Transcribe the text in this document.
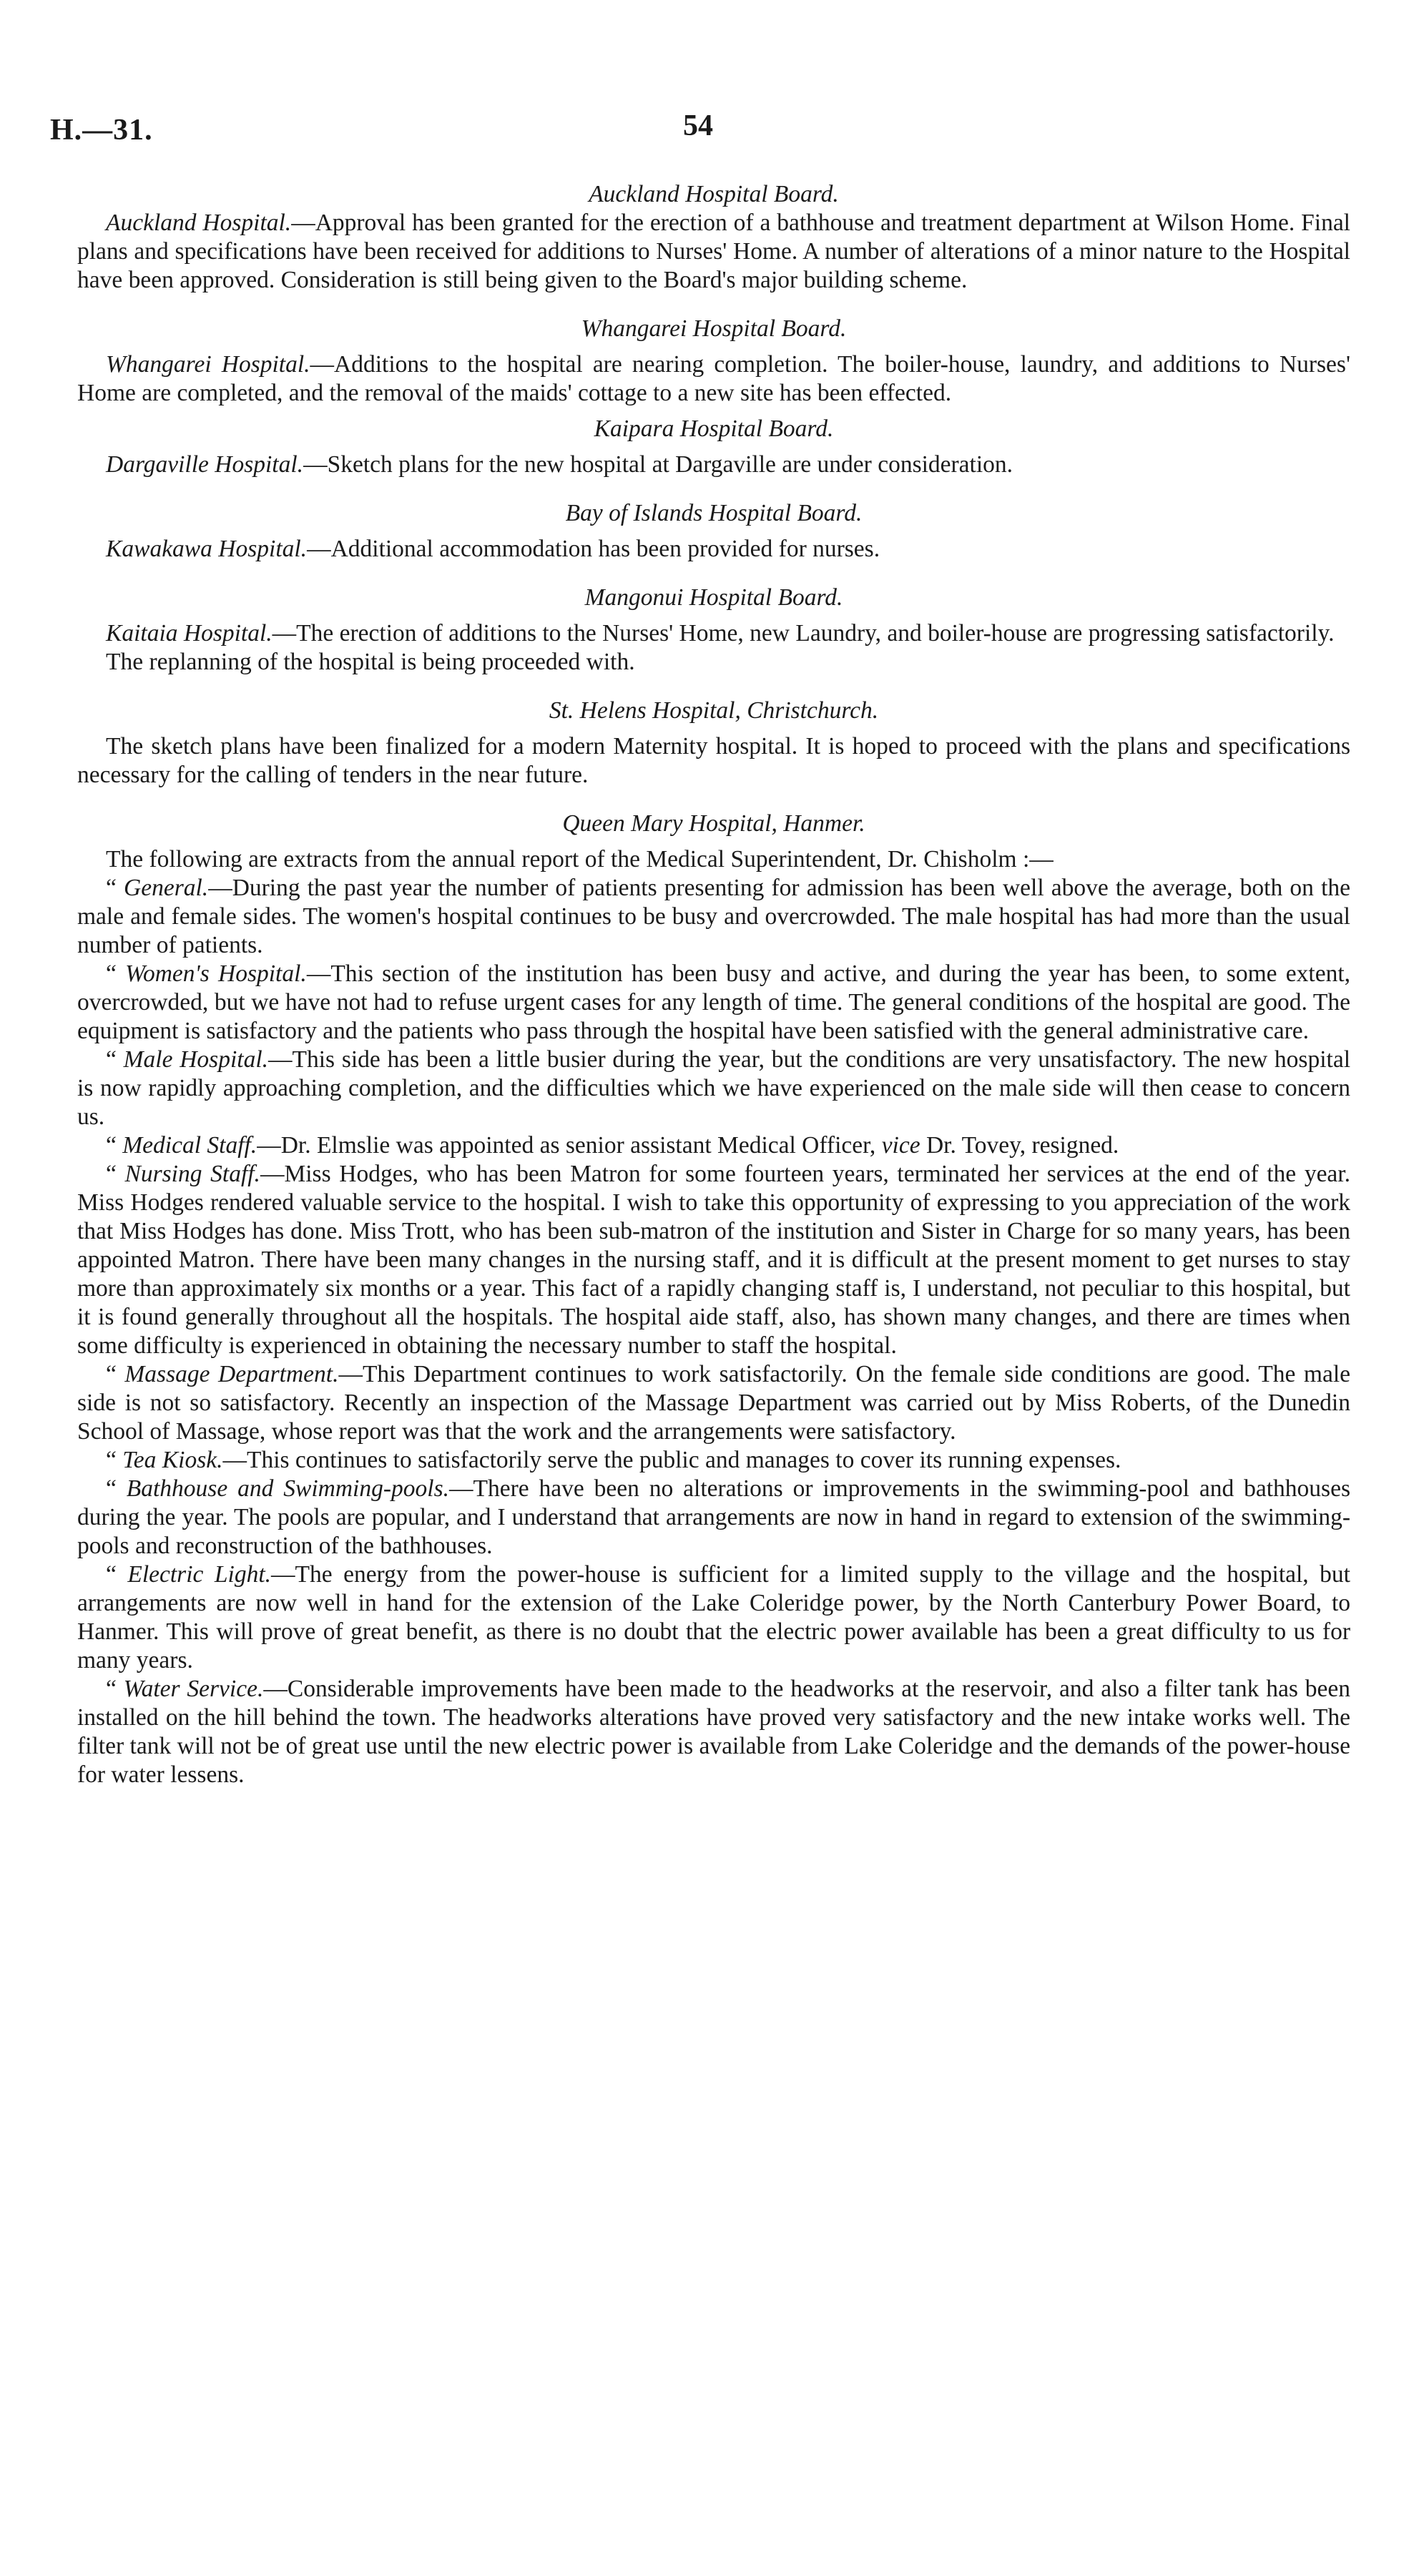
H.—31.	54
Auckland Hospital Board.

Auckland Hospital.—Approval has been granted for the erection of a bathhouse and treatment department at Wilson Home. Final plans and specifications have been received for additions to Nurses' Home. A number of alterations of a minor nature to the Hospital have been approved. Consideration is still being given to the Board's major building scheme.

Whangarei Hospital Board.

Whangarei Hospital.—Additions to the hospital are nearing completion. The boiler-house, laundry, and additions to Nurses' Home are completed, and the removal of the maids' cottage to a new site has been effected.

Kaipara Hospital Board.

Dargaville Hospital.—Sketch plans for the new hospital at Dargaville are under consideration.

Bay of Islands Hospital Board.

Kawakawa Hospital.—Additional accommodation has been provided for nurses.

Mangonui Hospital Board.

Kaitaia Hospital.—The erection of additions to the Nurses' Home, new Laundry, and boiler-house are progressing satisfactorily.

The replanning of the hospital is being proceeded with.

St. Helens Hospital, Christchurch.

The sketch plans have been finalized for a modern Maternity hospital. It is hoped to proceed with the plans and specifications necessary for the calling of tenders in the near future.

Queen Mary Hospital, Hanmer.

The following are extracts from the annual report of the Medical Superintendent, Dr. Chisholm :—

“ General.—During the past year the number of patients presenting for admission has been well above the average, both on the male and female sides. The women's hospital continues to be busy and overcrowded. The male hospital has had more than the usual number of patients.

“ Women's Hospital.—This section of the institution has been busy and active, and during the year has been, to some extent, overcrowded, but we have not had to refuse urgent cases for any length of time. The general conditions of the hospital are good. The equipment is satisfactory and the patients who pass through the hospital have been satisfied with the general administrative care.

“ Male Hospital.—This side has been a little busier during the year, but the conditions are very unsatisfactory. The new hospital is now rapidly approaching completion, and the difficulties which we have experienced on the male side will then cease to concern us.

“ Medical Staff.—Dr. Elmslie was appointed as senior assistant Medical Officer, vice Dr. Tovey, resigned.

“ Nursing Staff.—Miss Hodges, who has been Matron for some fourteen years, terminated her services at the end of the year. Miss Hodges rendered valuable service to the hospital. I wish to take this opportunity of expressing to you appreciation of the work that Miss Hodges has done. Miss Trott, who has been sub-matron of the institution and Sister in Charge for so many years, has been appointed Matron. There have been many changes in the nursing staff, and it is difficult at the present moment to get nurses to stay more than approximately six months or a year. This fact of a rapidly changing staff is, I understand, not peculiar to this hospital, but it is found generally throughout all the hospitals. The hospital aide staff, also, has shown many changes, and there are times when some difficulty is experienced in obtaining the necessary number to staff the hospital.

“ Massage Department.—This Department continues to work satisfactorily. On the female side conditions are good. The male side is not so satisfactory. Recently an inspection of the Massage Department was carried out by Miss Roberts, of the Dunedin School of Massage, whose report was that the work and the arrangements were satisfactory.

“ Tea Kiosk.—This continues to satisfactorily serve the public and manages to cover its running expenses.

“ Bathhouse and Swimming-pools.—There have been no alterations or improvements in the swimming-pool and bathhouses during the year. The pools are popular, and I understand that arrangements are now in hand in regard to extension of the swimming-pools and reconstruction of the bathhouses.

“ Electric Light.—The energy from the power-house is sufficient for a limited supply to the village and the hospital, but arrangements are now well in hand for the extension of the Lake Coleridge power, by the North Canterbury Power Board, to Hanmer. This will prove of great benefit, as there is no doubt that the electric power available has been a great difficulty to us for many years.

“ Water Service.—Considerable improvements have been made to the headworks at the reservoir, and also a filter tank has been installed on the hill behind the town. The headworks alterations have proved very satisfactory and the new intake works well. The filter tank will not be of great use until the new electric power is available from Lake Coleridge and the demands of the power-house for water lessens.
